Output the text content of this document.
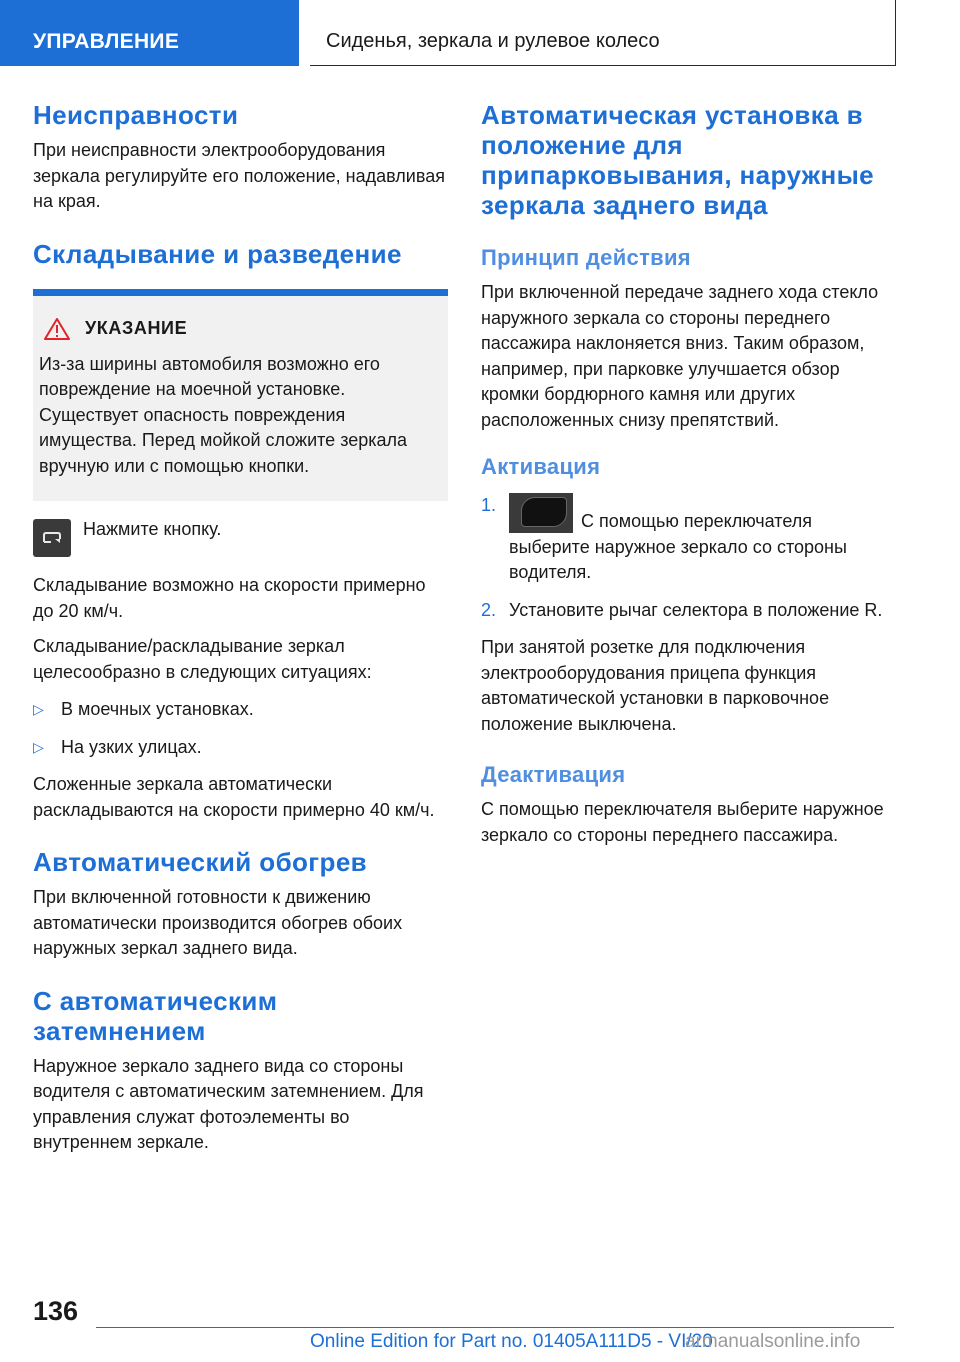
УПРАВЛЕНИЕ	Сиденья, зеркала и рулевое колесо
Неисправности

При неисправности электрооборудования зеркала регулируйте его положение, надавливая на края.

Складывание и разведение
УКАЗАНИЕ

Из-за ширины автомобиля возможно его повреждение на моечной установке. Существует опасность повреждения имущества. Перед мойкой сложите зеркала вручную или с помощью кнопки.

Нажмите кнопку.

Складывание возможно на скорости примерно до 20 км/ч.

Складывание/раскладывание зеркал целесообразно в следующих ситуациях:

▷ В моечных установках.

▷ На узких улицах.

Сложенные зеркала автоматически раскладываются на скорости примерно 40 км/ч.

Автоматический обогрев

При включенной готовности к движению автоматически производится обогрев обоих наружных зеркал заднего вида.

С автоматическим затемнением

Наружное зеркало заднего вида со стороны водителя с автоматическим затемнением. Для управления служат фотоэлементы во внутреннем зеркале.

Автоматическая установка в положение для припарковывания, наружные зеркала заднего вида
Принцип действия

При включенной передаче заднего хода стекло наружного зеркала со стороны переднего пассажира наклоняется вниз. Таким образом, например, при парковке улучшается обзор кромки бордюрного камня или других расположенных снизу препятствий.

Активация
1.

С помощью переключателя выберите наружное зеркало со стороны водителя.

2. Установите рычаг селектора в положение R.

При занятой розетке для подключения электрооборудования прицепа функция автоматической установки в парковочное положение выключена.

Деактивация

С помощью переключателя выберите наружное зеркало со стороны переднего пассажира.

136
Online Edition for Part no. 01405A111D5 - VI/20
armanualsonline.info
